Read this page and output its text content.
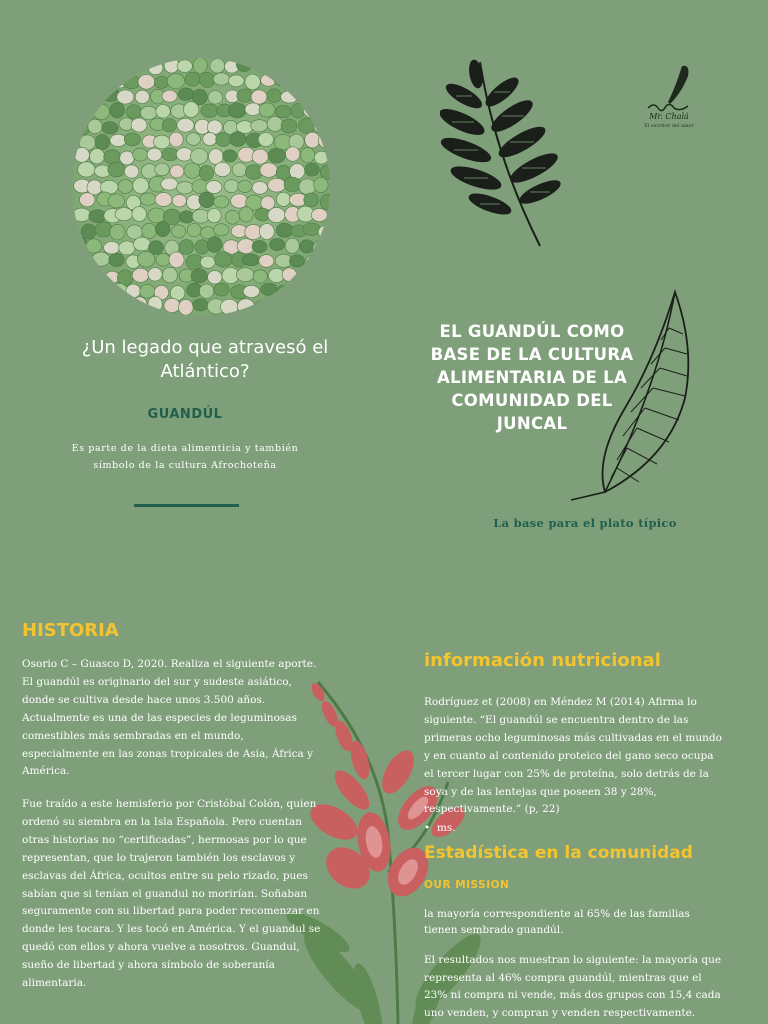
¿Un legado que atravesó el Atlántico?
GUANDÚL
Es parte de la dieta alimenticia y también símbolo de la cultura Afrochoteña
Mr. Chalá
El escritor del amor
EL GUANDÚL COMO BASE DE LA CULTURA ALIMENTARIA DE LA COMUNIDAD DEL JUNCAL
La base para el plato típico
HISTORIA

Osorio C – Guasco D, 2020. Realiza el siguiente aporte. El guandúl es originario del sur y sudeste asiático, donde se cultiva desde hace unos 3.500 años. Actualmente es una de las especies de leguminosas comestibles más sembradas en el mundo, especialmente en las zonas tropicales de Asia, África y América.

Fue traído a este hemisferio por Cristóbal Colón, quien ordenó su siembra en la Isla Española. Pero cuentan otras historias no “certificadas”, hermosas por lo que representan, que lo trajeron también los esclavos y esclavas del África, ocultos entre su pelo rizado, pues sabían que si tenían el guandul no morirían. Soñaban seguramente con su libertad para poder recomenzar en donde les tocara. Y les tocó en América. Y el guandul se quedó con ellos y ahora vuelve a nosotros. Guandul, sueño de libertad y ahora símbolo de soberanía alimentaria.

información nutricional
Rodríguez et (2008) en Méndez M (2014) Afirma lo siguiente. “El guandúl se encuentra dentro de las primeras ocho leguminosas más cultivadas en el mundo y en cuanto al contenido proteico del gano seco ocupa el tercer lugar con 25% de proteína, solo detrás de la soya y de las lentejas que poseen 38 y 28%, respectivamente.” (p, 22)
•  ms.
Estadística en la comunidad
OUR MISSION
la mayoría correspondiente al 65% de las familias tienen sembrado guandúl.
El resultados nos muestran lo siguiente: la mayoría que representa al 46% compra guandúl, mientras que el 23% ni compra ni vende, más dos grupos con 15,4 cada uno venden, y compran y venden respectivamente.
